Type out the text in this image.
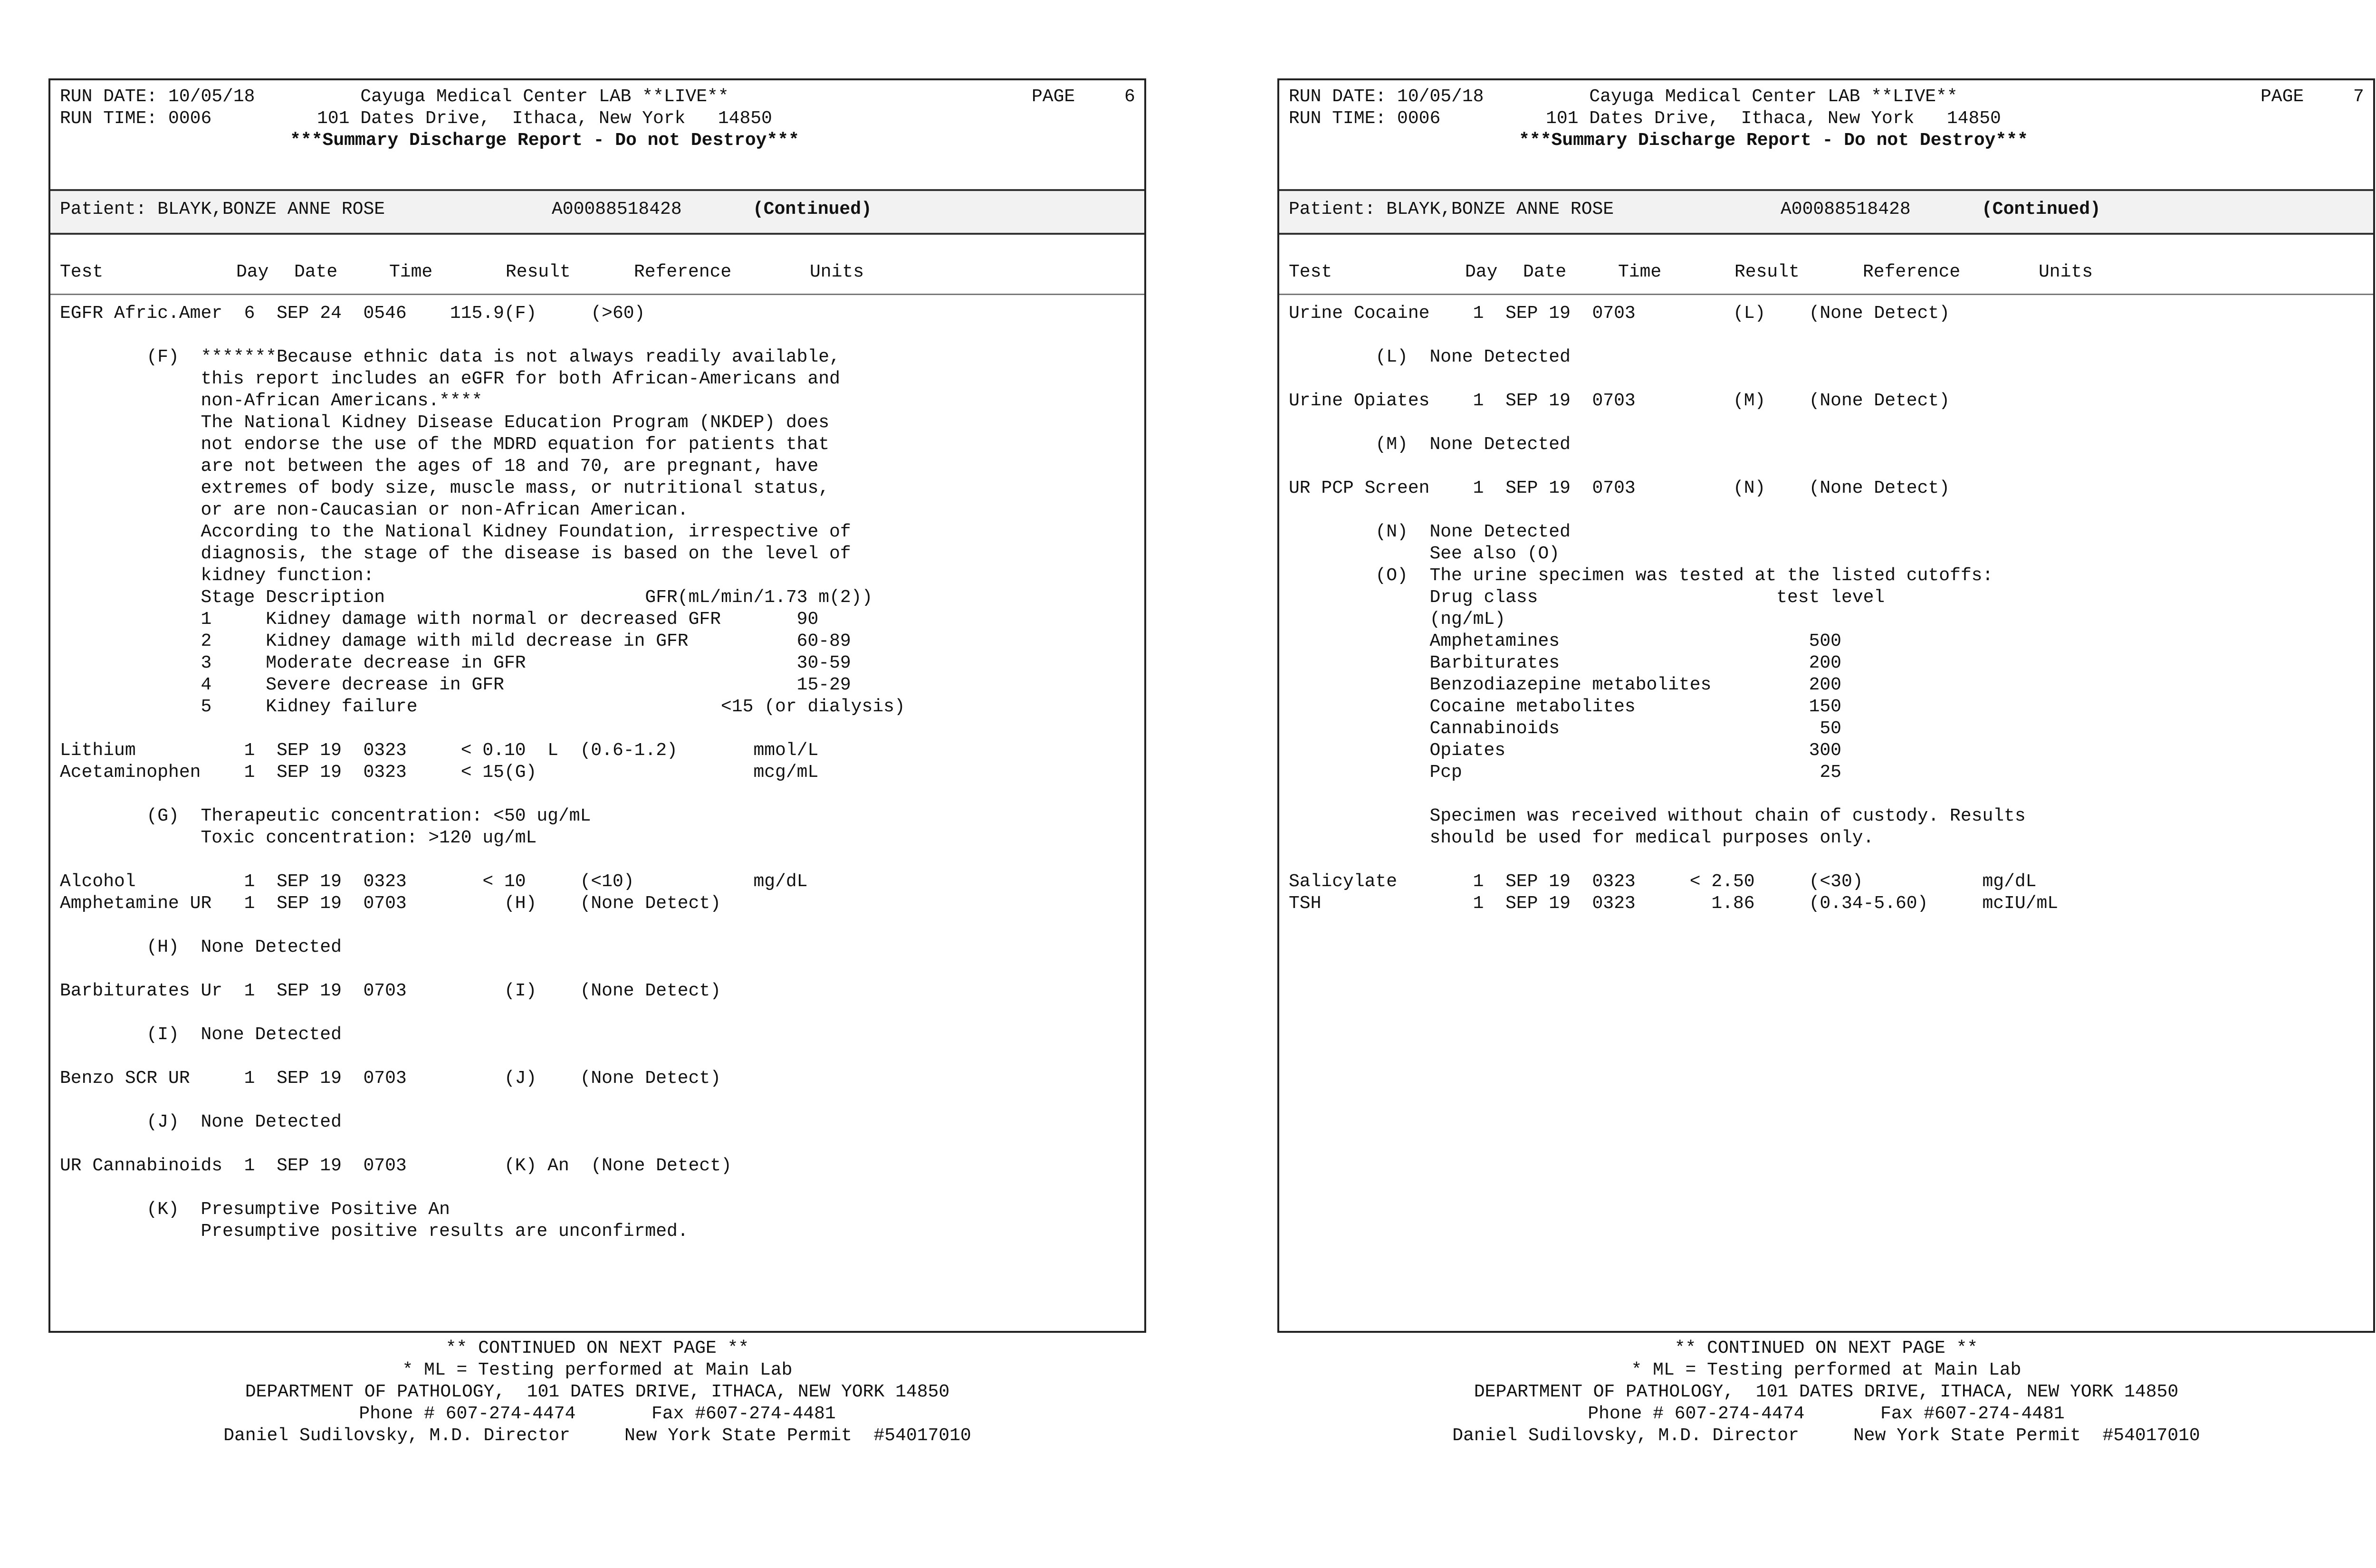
RUN DATE: 10/05/18
RUN TIME: 0006
Cayuga Medical Center LAB **LIVE**
101 Dates Drive,  Ithaca, New York   14850
***Summary Discharge Report - Do not Destroy***
PAGE	6
Patient: BLAYK,BONZE ANNE ROSE	A00088518428	(Continued)
Test	Day Date	Time	Result	Reference	Units
EGFR Afric.Amer  6  SEP 24  0546    115.9(F)     (>60)
(F)  *******Because ethnic data is not always readily available,
this report includes an eGFR for both African-Americans and
non-African Americans.****
The National Kidney Disease Education Program (NKDEP) does
not endorse the use of the MDRD equation for patients that
are not between the ages of 18 and 70, are pregnant, have
extremes of body size, muscle mass, or nutritional status,
or are non-Caucasian or non-African American.
According to the National Kidney Foundation, irrespective of
diagnosis, the stage of the disease is based on the level of
kidney function:
Stage Description                        GFR(mL/min/1.73 m(2))
1     Kidney damage with normal or decreased GFR       90
2     Kidney damage with mild decrease in GFR          60-89
3     Moderate decrease in GFR                         30-59
4     Severe decrease in GFR                           15-29
5     Kidney failure                            <15 (or dialysis)
Lithium          1  SEP 19  0323     < 0.10  L  (0.6-1.2)       mmol/L
Acetaminophen    1  SEP 19  0323     < 15(G)                    mcg/mL
(G)  Therapeutic concentration: <50 ug/mL
Toxic concentration: >120 ug/mL
Alcohol          1  SEP 19  0323       < 10     (<10)           mg/dL
Amphetamine UR   1  SEP 19  0703         (H)    (None Detect)
(H)  None Detected
Barbiturates Ur  1  SEP 19  0703         (I)    (None Detect)
(I)  None Detected
Benzo SCR UR     1  SEP 19  0703         (J)    (None Detect)
(J)  None Detected
UR Cannabinoids  1  SEP 19  0703         (K) An  (None Detect)
(K)  Presumptive Positive An
Presumptive positive results are unconfirmed.
** CONTINUED ON NEXT PAGE **
* ML = Testing performed at Main Lab
DEPARTMENT OF PATHOLOGY,  101 DATES DRIVE, ITHACA, NEW YORK 14850
Phone # 607-274-4474       Fax #607-274-4481
Daniel Sudilovsky, M.D. Director     New York State Permit  #54017010
RUN DATE: 10/05/18
RUN TIME: 0006
Cayuga Medical Center LAB **LIVE**
101 Dates Drive,  Ithaca, New York   14850
***Summary Discharge Report - Do not Destroy***
PAGE	7
Patient: BLAYK,BONZE ANNE ROSE	A00088518428	(Continued)
Test	Day Date	Time	Result	Reference	Units
Urine Cocaine    1  SEP 19  0703         (L)    (None Detect)
(L)  None Detected
Urine Opiates    1  SEP 19  0703         (M)    (None Detect)
(M)  None Detected
UR PCP Screen    1  SEP 19  0703         (N)    (None Detect)
(N)  None Detected
See also (O)
(O)  The urine specimen was tested at the listed cutoffs:
Drug class                      test level
(ng/mL)
Amphetamines                       500
Barbiturates                       200
Benzodiazepine metabolites         200
Cocaine metabolites                150
Cannabinoids                        50
Opiates                            300
Pcp                                 25
Specimen was received without chain of custody. Results
should be used for medical purposes only.
Salicylate       1  SEP 19  0323     < 2.50     (<30)           mg/dL
TSH              1  SEP 19  0323       1.86     (0.34-5.60)     mcIU/mL
** CONTINUED ON NEXT PAGE **
* ML = Testing performed at Main Lab
DEPARTMENT OF PATHOLOGY,  101 DATES DRIVE, ITHACA, NEW YORK 14850
Phone # 607-274-4474       Fax #607-274-4481
Daniel Sudilovsky, M.D. Director     New York State Permit  #54017010
